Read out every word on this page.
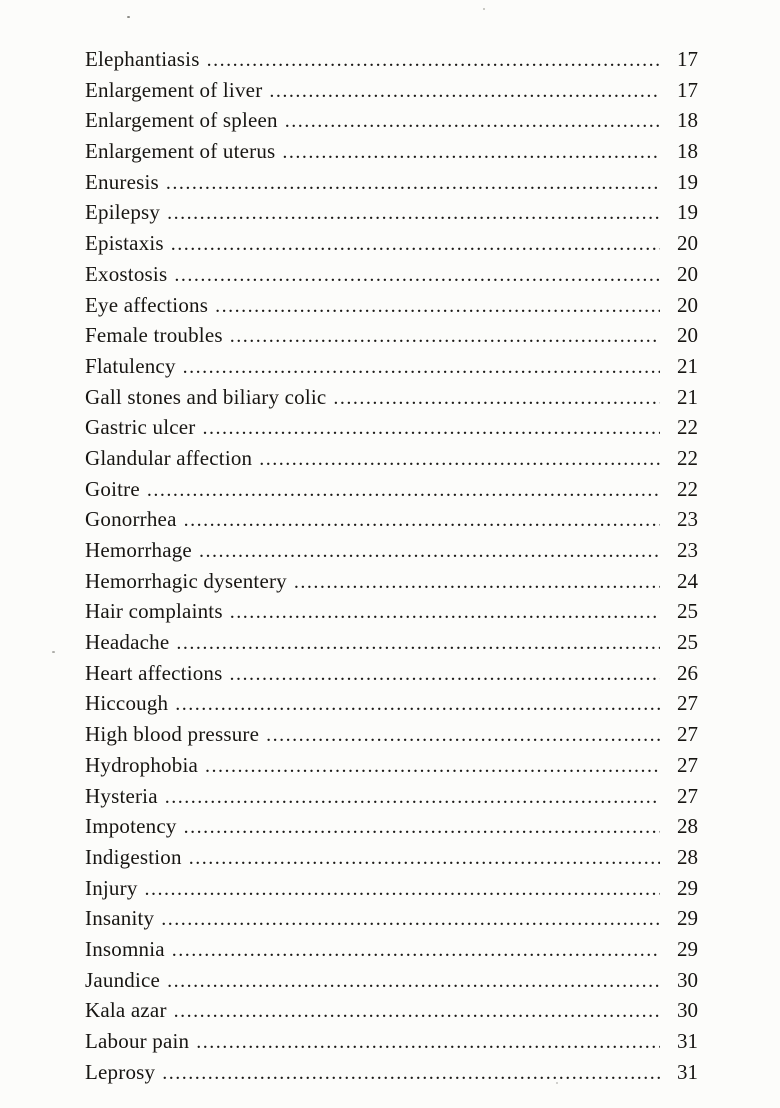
Elephantiasis .....	17
Enlargement of liver .....	17
Enlargement of spleen .....	18
Enlargement of uterus .....	18
Enuresis .....	19
Epilepsy .....	19
Epistaxis .....	20
Exostosis .....	20
Eye affections .....	20
Female troubles .....	20
Flatulency .....	21
Gall stones and biliary colic .....	21
Gastric ulcer .....	22
Glandular affection .....	22
Goitre .....	22
Gonorrhea .....	23
Hemorrhage .....	23
Hemorrhagic dysentery .....	24
Hair complaints .....	25
Headache .....	25
Heart affections .....	26
Hiccough .....	27
High blood pressure .....	27
Hydrophobia .....	27
Hysteria .....	27
Impotency .....	28
Indigestion .....	28
Injury .....	29
Insanity .....	29
Insomnia .....	29
Jaundice .....	30
Kala azar .....	30
Labour pain .....	31
Leprosy .....	31
